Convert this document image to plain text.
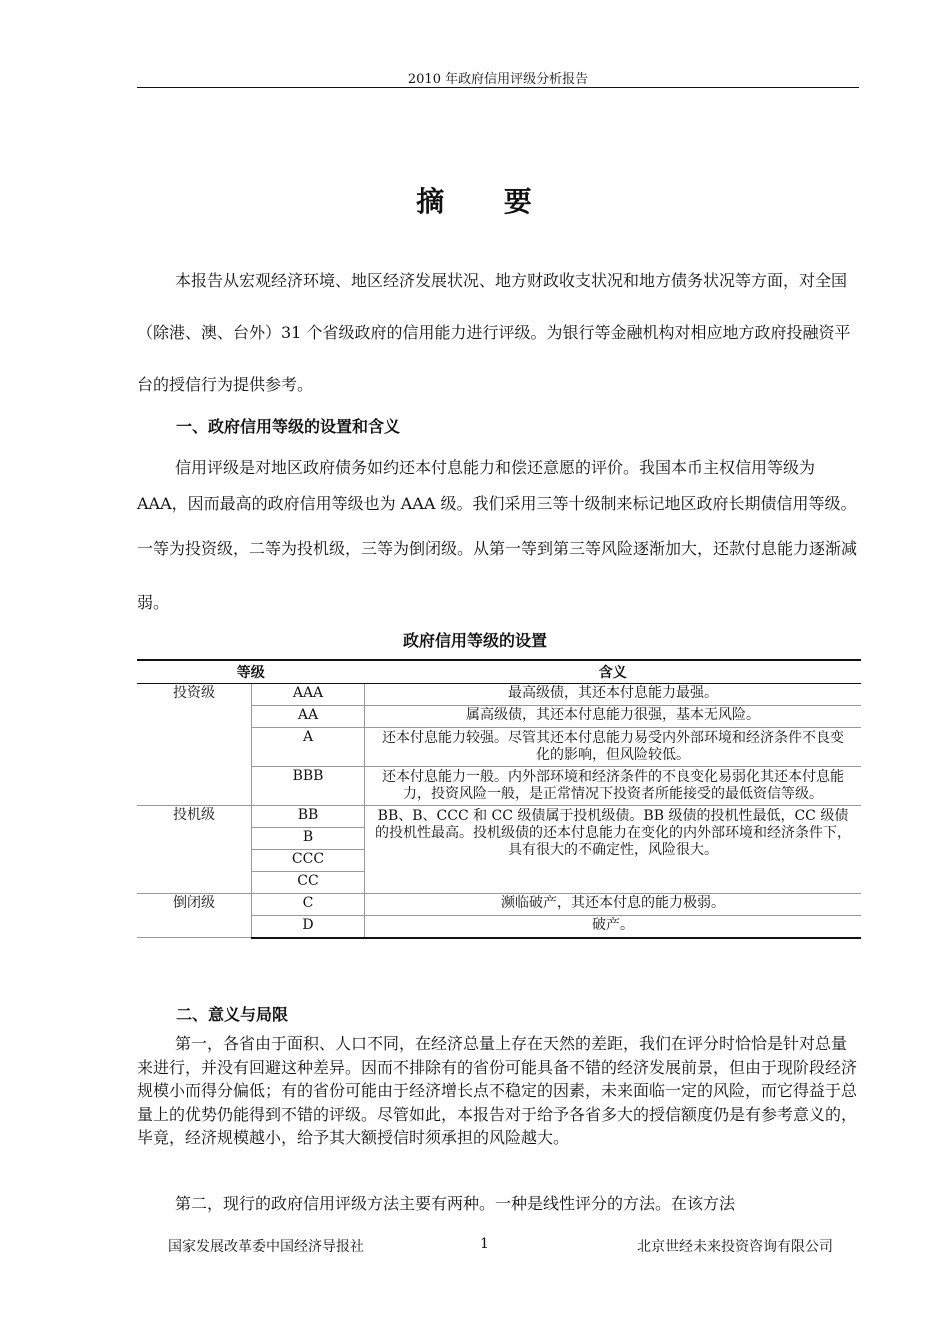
2010 年政府信用评级分析报告
摘 要
本报告从宏观经济环境、地区经济发展状况、地方财政收支状况和地方债务状况等方面，对全国（除港、澳、台外）31 个省级政府的信用能力进行评级。为银行等金融机构对相应地方政府投融资平台的授信行为提供参考。
一、政府信用等级的设置和含义
信用评级是对地区政府债务如约还本付息能力和偿还意愿的评价。我国本币主权信用等级为 AAA，因而最高的政府信用等级也为 AAA 级。我们采用三等十级制来标记地区政府长期债信用等级。一等为投资级，二等为投机级，三等为倒闭级。从第一等到第三等风险逐渐加大，还款付息能力逐渐减弱。
政府信用等级的设置
等级		含义
投资级	AAA	最高级债，其还本付息能力最强。
	AA	属高级债，其还本付息能力很强，基本无风险。
	A	还本付息能力较强。尽管其还本付息能力易受内外部环境和经济条件不良变化的影响，但风险较低。
	BBB	还本付息能力一般。内外部环境和经济条件的不良变化易弱化其还本付息能力，投资风险一般，是正常情况下投资者所能接受的最低资信等级。
投机级	BB	BB、B、CCC 和 CC 级债属于投机级债。BB 级债的投机性最低，CC 级债的投机性最高。投机级债的还本付息能力在变化的内外部环境和经济条件下，具有很大的不确定性，风险很大。
	B	
	CCC	
	CC	
倒闭级	C	濒临破产，其还本付息的能力极弱。
	D	破产。
二、意义与局限
第一，各省由于面积、人口不同，在经济总量上存在天然的差距，我们在评分时恰恰是针对总量来进行，并没有回避这种差异。因而不排除有的省份可能具备不错的经济发展前景，但由于现阶段经济规模小而得分偏低；有的省份可能由于经济增长点不稳定的因素，未来面临一定的风险，而它得益于总量上的优势仍能得到不错的评级。尽管如此，本报告对于给予各省多大的授信额度仍是有参考意义的，毕竟，经济规模越小，给予其大额授信时须承担的风险越大。
第二，现行的政府信用评级方法主要有两种。一种是线性评分的方法。在该方法
国家发展改革委中国经济导报社	1	北京世经未来投资咨询有限公司
